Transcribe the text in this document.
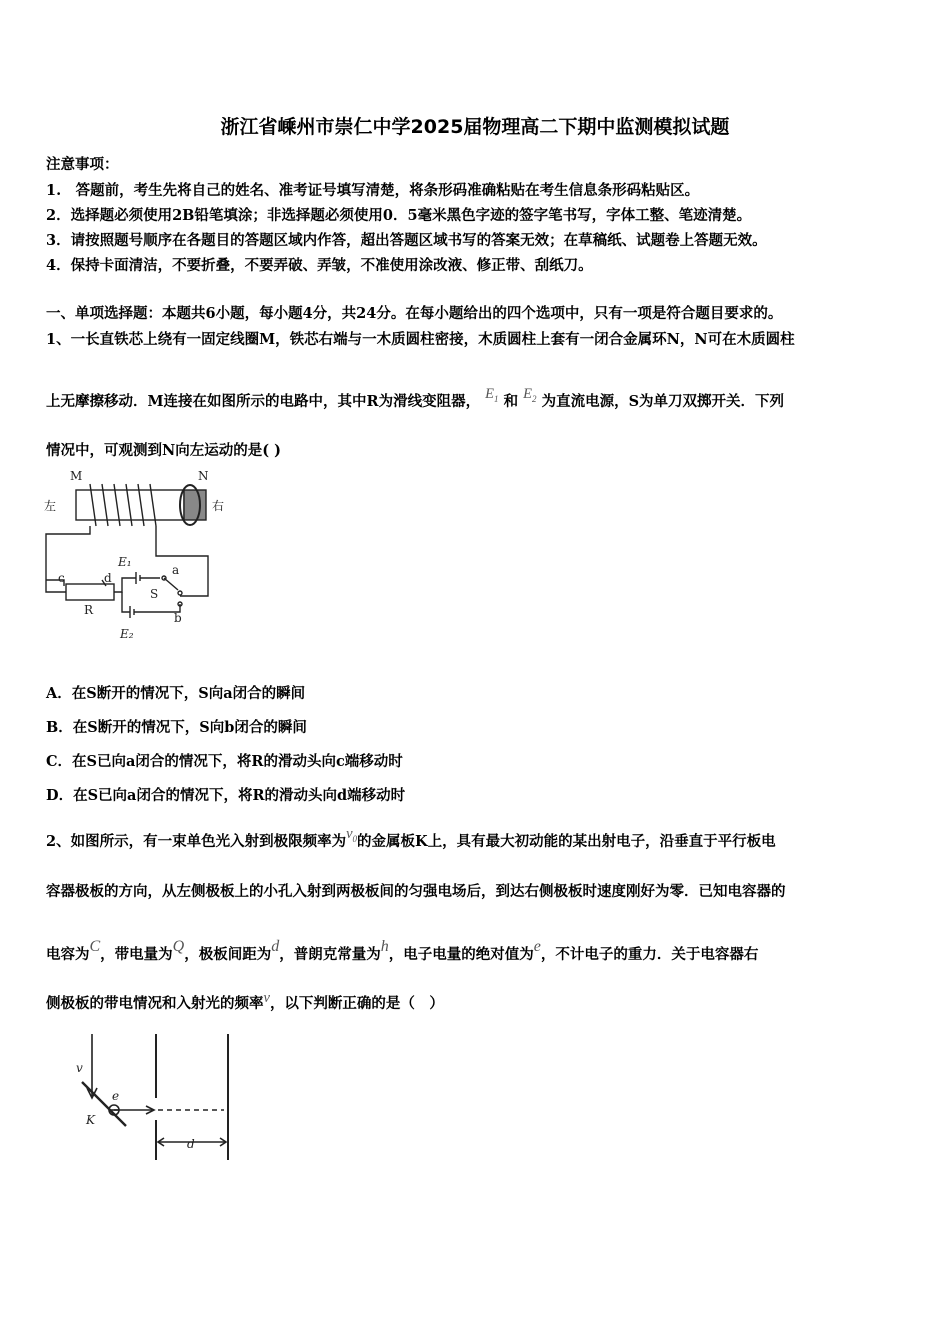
浙江省嵊州市崇仁中学2025届物理高二下期中监测模拟试题
注意事项：
1.　答题前，考生先将自己的姓名、准考证号填写清楚，将条形码准确粘贴在考生信息条形码粘贴区。
2．选择题必须使用2B铅笔填涂；非选择题必须使用0．5毫米黑色字迹的签字笔书写，字体工整、笔迹清楚。
3．请按照题号顺序在各题目的答题区域内作答，超出答题区域书写的答案无效；在草稿纸、试题卷上答题无效。
4．保持卡面清洁，不要折叠，不要弄破、弄皱，不准使用涂改液、修正带、刮纸刀。
一、单项选择题：本题共6小题，每小题4分，共24分。在每小题给出的四个选项中，只有一项是符合题目要求的。
1、一长直铁芯上绕有一固定线圈M，铁芯右端与一木质圆柱密接，木质圆柱上套有一闭合金属环N，N可在木质圆柱
上无摩擦移动．M连接在如图所示的电路中，其中R为滑线变阻器， $E_1$ 和 $E_2$ 为直流电源，S为单刀双掷开关．下列
情况中，可观测到N向左运动的是( )
M	N
左	右
E₁
a
S
b
c	d
R
E₂
A．在S断开的情况下，S向a闭合的瞬间
B．在S断开的情况下，S向b闭合的瞬间
C．在S已向a闭合的情况下，将R的滑动头向c端移动时
D．在S已向a闭合的情况下，将R的滑动头向d端移动时
2、如图所示，有一束单色光入射到极限频率为$v_0$的金属板K上，具有最大初动能的某出射电子，沿垂直于平行板电
容器极板的方向，从左侧极板上的小孔入射到两极板间的匀强电场后，到达右侧极板时速度刚好为零．已知电容器的
电容为C，带电量为Q，极板间距为d，普朗克常量为h，电子电量的绝对值为e，不计电子的重力．关于电容器右
侧极板的带电情况和入射光的频率v，以下判断正确的是（　）
v
e
K
d
